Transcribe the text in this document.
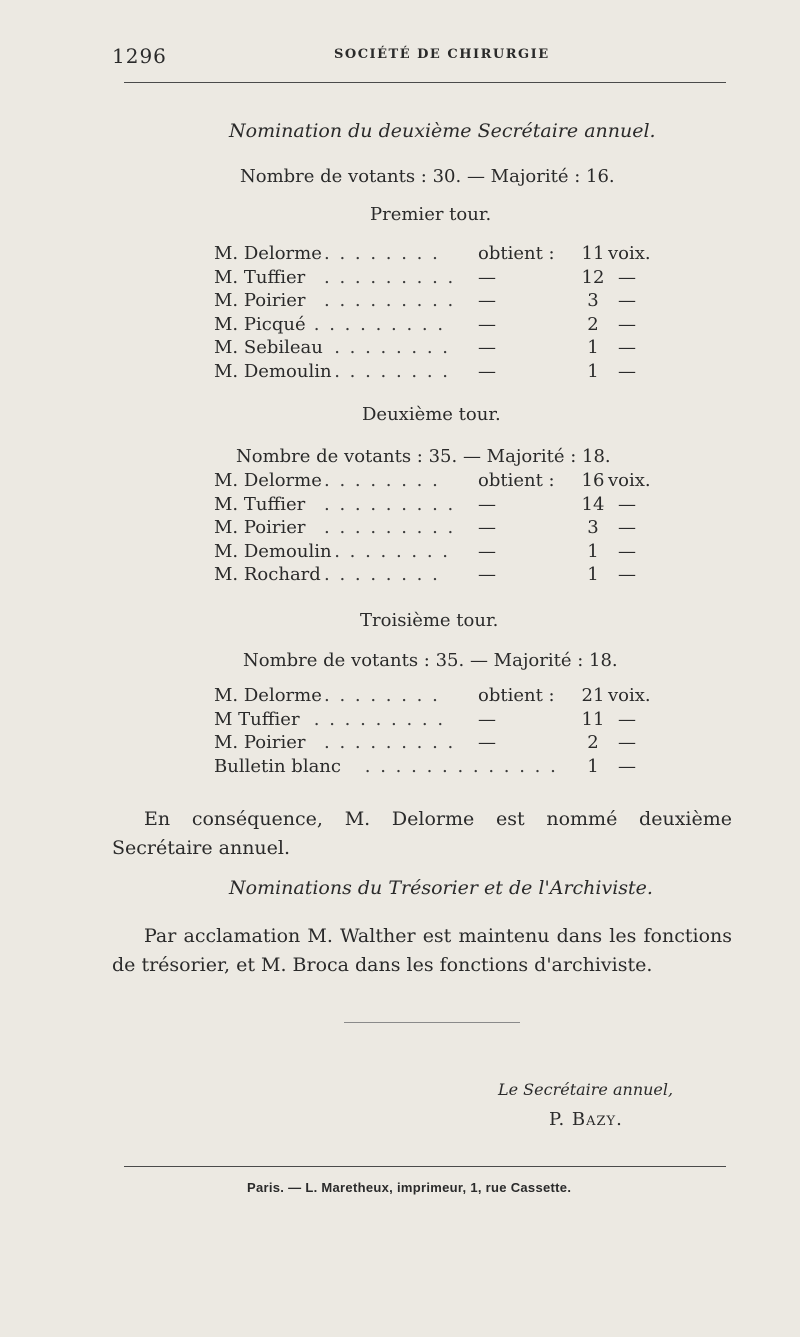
1296	SOCIÉTÉ DE CHIRURGIE
Nomination du deuxième Secrétaire annuel.
Nombre de votants : 30. — Majorité : 16.
Premier tour.
M. Delorme . . . . . . . . obtient : 11 voix.
M. Tuffier . . . . . . . . . —	12 —
M. Poirier . . . . . . . . . —	3	—
M. Picqué . . . . . . . . . —	2	—
M. Sebileau . . . . . . . . —	1	—
M. Demoulin . . . . . . . . —	1	—
Deuxième tour.
Nombre de votants : 35. — Majorité : 18.
M. Delorme . . . . . . . . obtient : 16 voix.
M. Tuffier . . . . . . . . . —	14 —
M. Poirier . . . . . . . . . —	3	—
M. Demoulin . . . . . . . . —	1	—
M. Rochard . . . . . . . . —	1	—
Troisième tour.
Nombre de votants : 35. — Majorité : 18.
M. Delorme . . . . . . . . obtient : 21 voix.
M Tuffier . . . . . . . . . —	11 —
M. Poirier . . . . . . . . . —	2	—
Bulletin blanc . . . . . . . . . . . . .	1	—
En conséquence, M. Delorme est nommé deuxième Secrétaire annuel.
Nominations du Trésorier et de l'Archiviste.
Par acclamation M. Walther est maintenu dans les fonctions de trésorier, et M. Broca dans les fonctions d'archiviste.
Le Secrétaire annuel,
P. Bazy.
Paris. — L. Maretheux, imprimeur, 1, rue Cassette.
